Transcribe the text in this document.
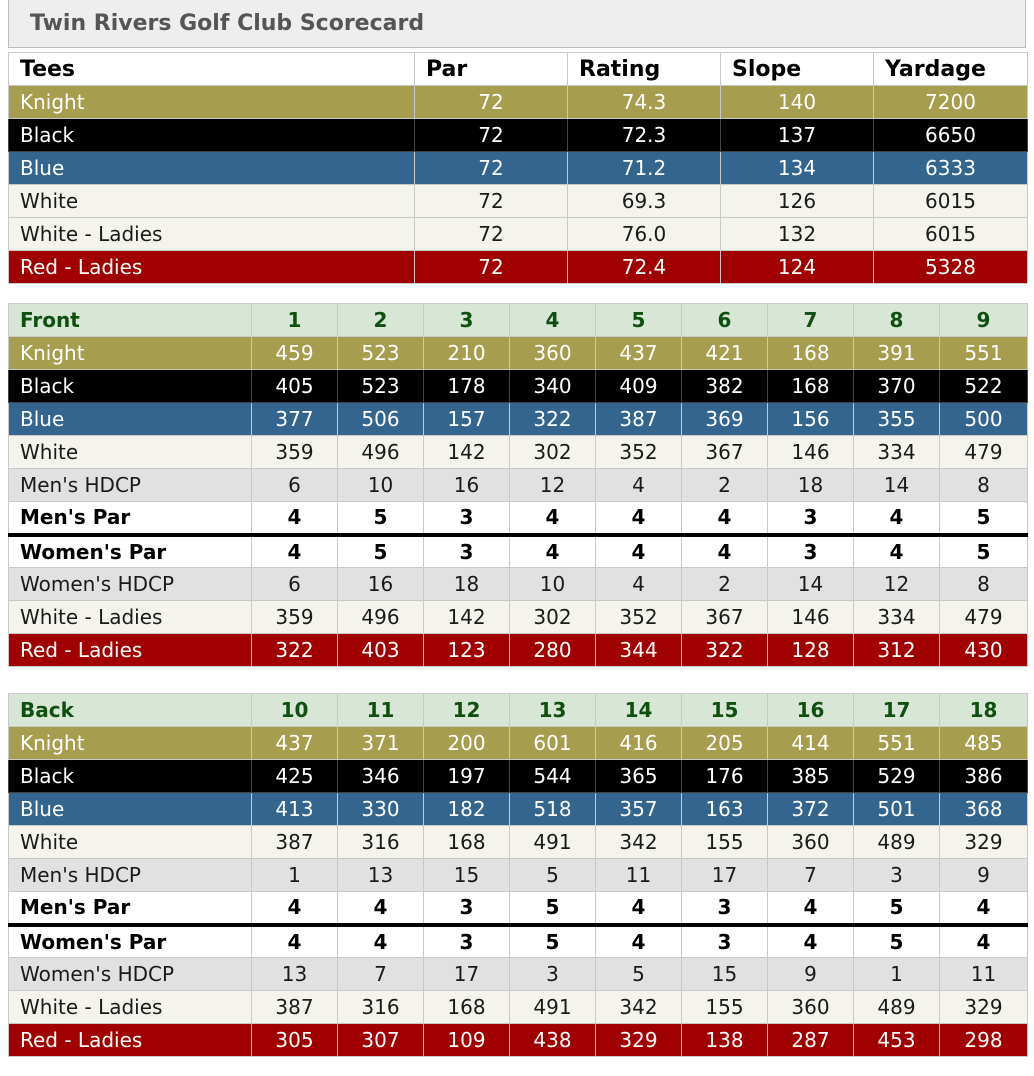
Twin Rivers Golf Club Scorecard
Tees	Par	Rating	Slope	Yardage
Knight	72	74.3	140	7200
Black	72	72.3	137	6650
Blue	72	71.2	134	6333
White	72	69.3	126	6015
White - Ladies	72	76.0	132	6015
Red - Ladies	72	72.4	124	5328
Front	1	2	3	4	5	6	7	8	9
Knight	459	523	210	360	437	421	168	391	551
Black	405	523	178	340	409	382	168	370	522
Blue	377	506	157	322	387	369	156	355	500
White	359	496	142	302	352	367	146	334	479
Men's HDCP	6	10	16	12	4	2	18	14	8
Men's Par	4	5	3	4	4	4	3	4	5
Women's Par	4	5	3	4	4	4	3	4	5
Women's HDCP	6	16	18	10	4	2	14	12	8
White - Ladies	359	496	142	302	352	367	146	334	479
Red - Ladies	322	403	123	280	344	322	128	312	430
Back	10	11	12	13	14	15	16	17	18
Knight	437	371	200	601	416	205	414	551	485
Black	425	346	197	544	365	176	385	529	386
Blue	413	330	182	518	357	163	372	501	368
White	387	316	168	491	342	155	360	489	329
Men's HDCP	1	13	15	5	11	17	7	3	9
Men's Par	4	4	3	5	4	3	4	5	4
Women's Par	4	4	3	5	4	3	4	5	4
Women's HDCP	13	7	17	3	5	15	9	1	11
White - Ladies	387	316	168	491	342	155	360	489	329
Red - Ladies	305	307	109	438	329	138	287	453	298
